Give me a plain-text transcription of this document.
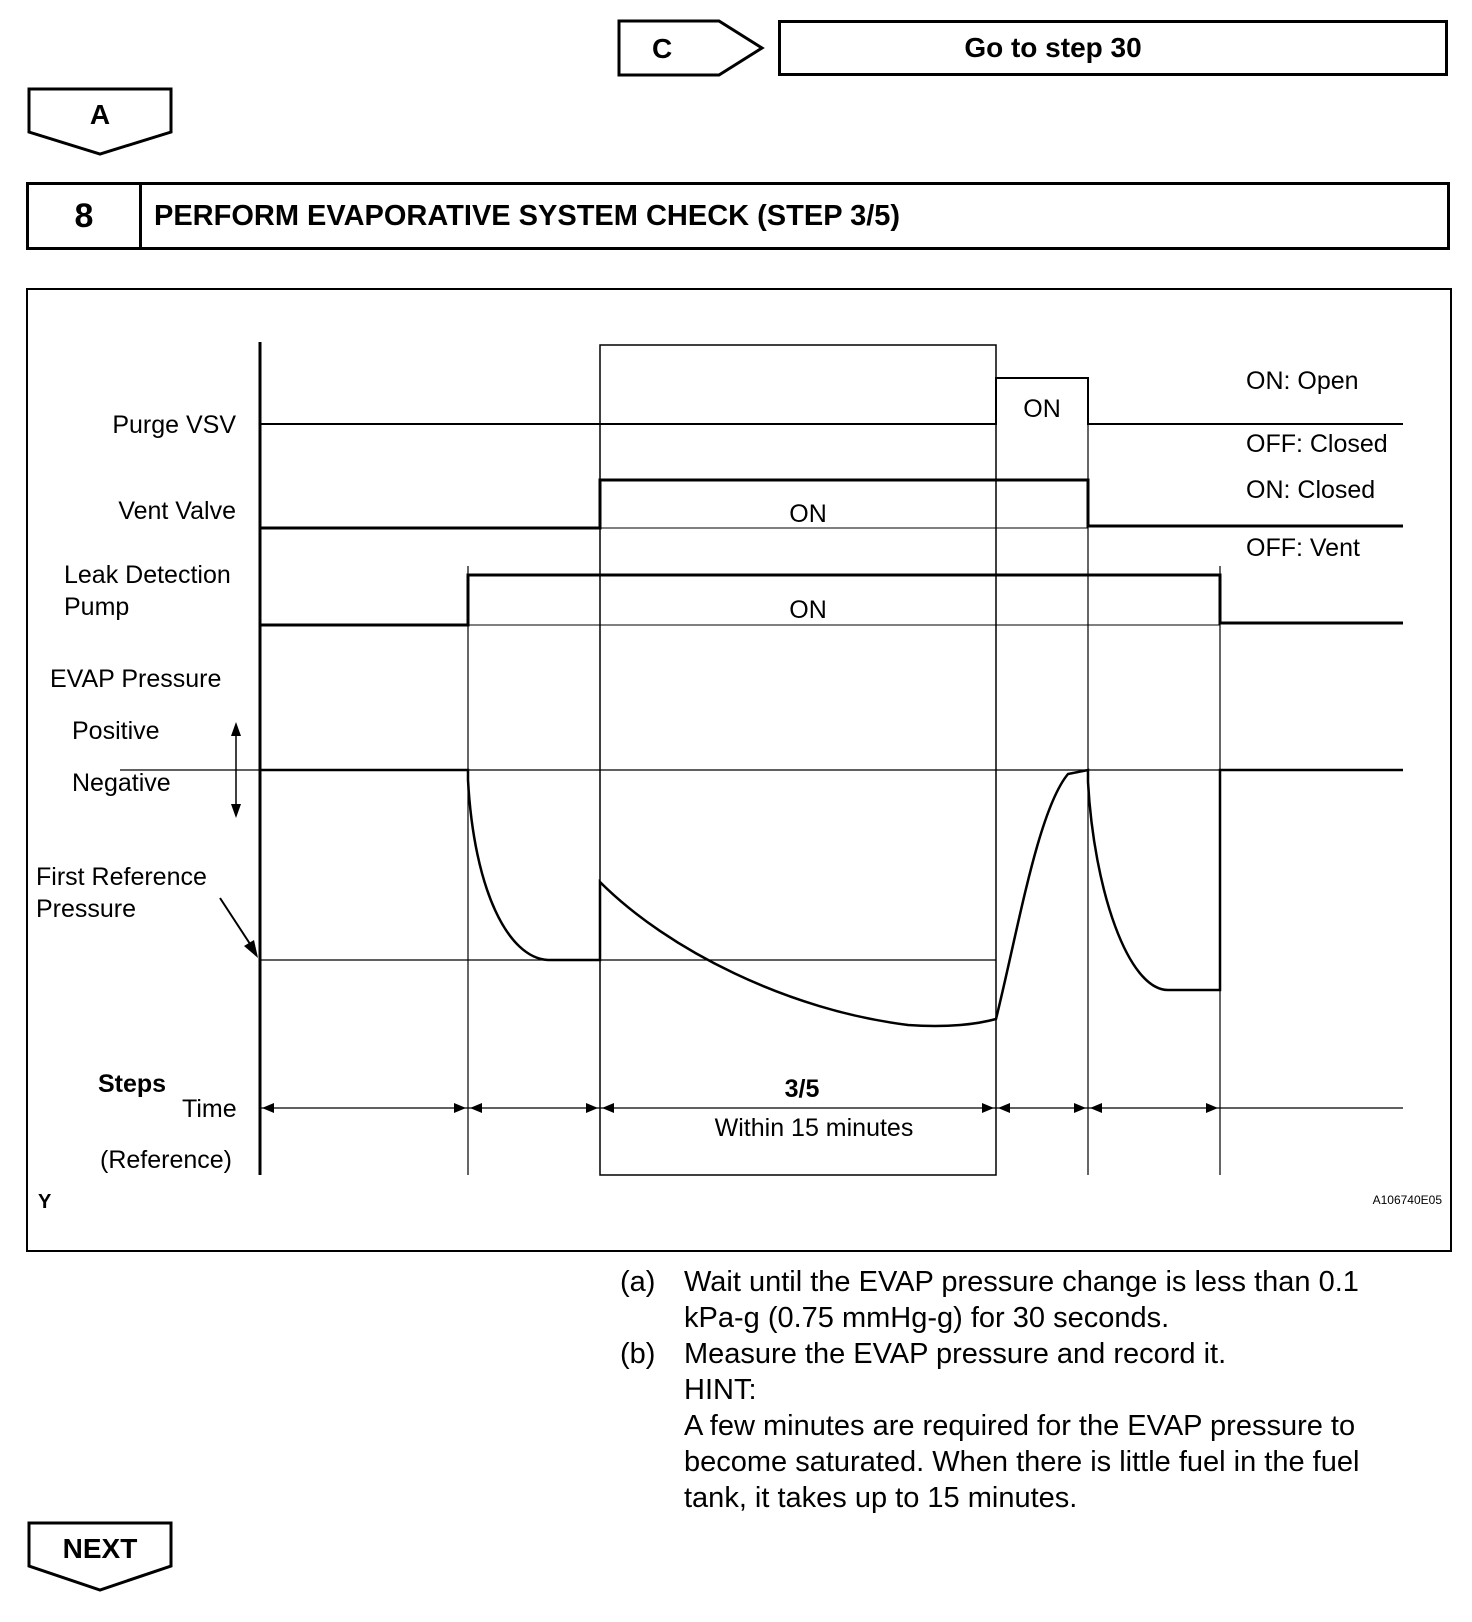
C	Go to step 30
A
8	PERFORM EVAPORATIVE SYSTEM CHECK (STEP 3/5)
Purge VSV
Vent Valve
Leak Detection
Pump
EVAP Pressure
Positive
Negative
First Reference
Pressure
Steps
Time
(Reference)
ON: Open
OFF: Closed
ON: Closed
OFF: Vent
ON
ON
ON
3/5
Within 15 minutes
Y	A106740E05
(a) Wait until the EVAP pressure change is less than 0.1
kPa-g (0.75 mmHg-g) for 30 seconds.
(b) Measure the EVAP pressure and record it.
HINT:
A few minutes are required for the EVAP pressure to
become saturated. When there is little fuel in the fuel
tank, it takes up to 15 minutes.
NEXT
